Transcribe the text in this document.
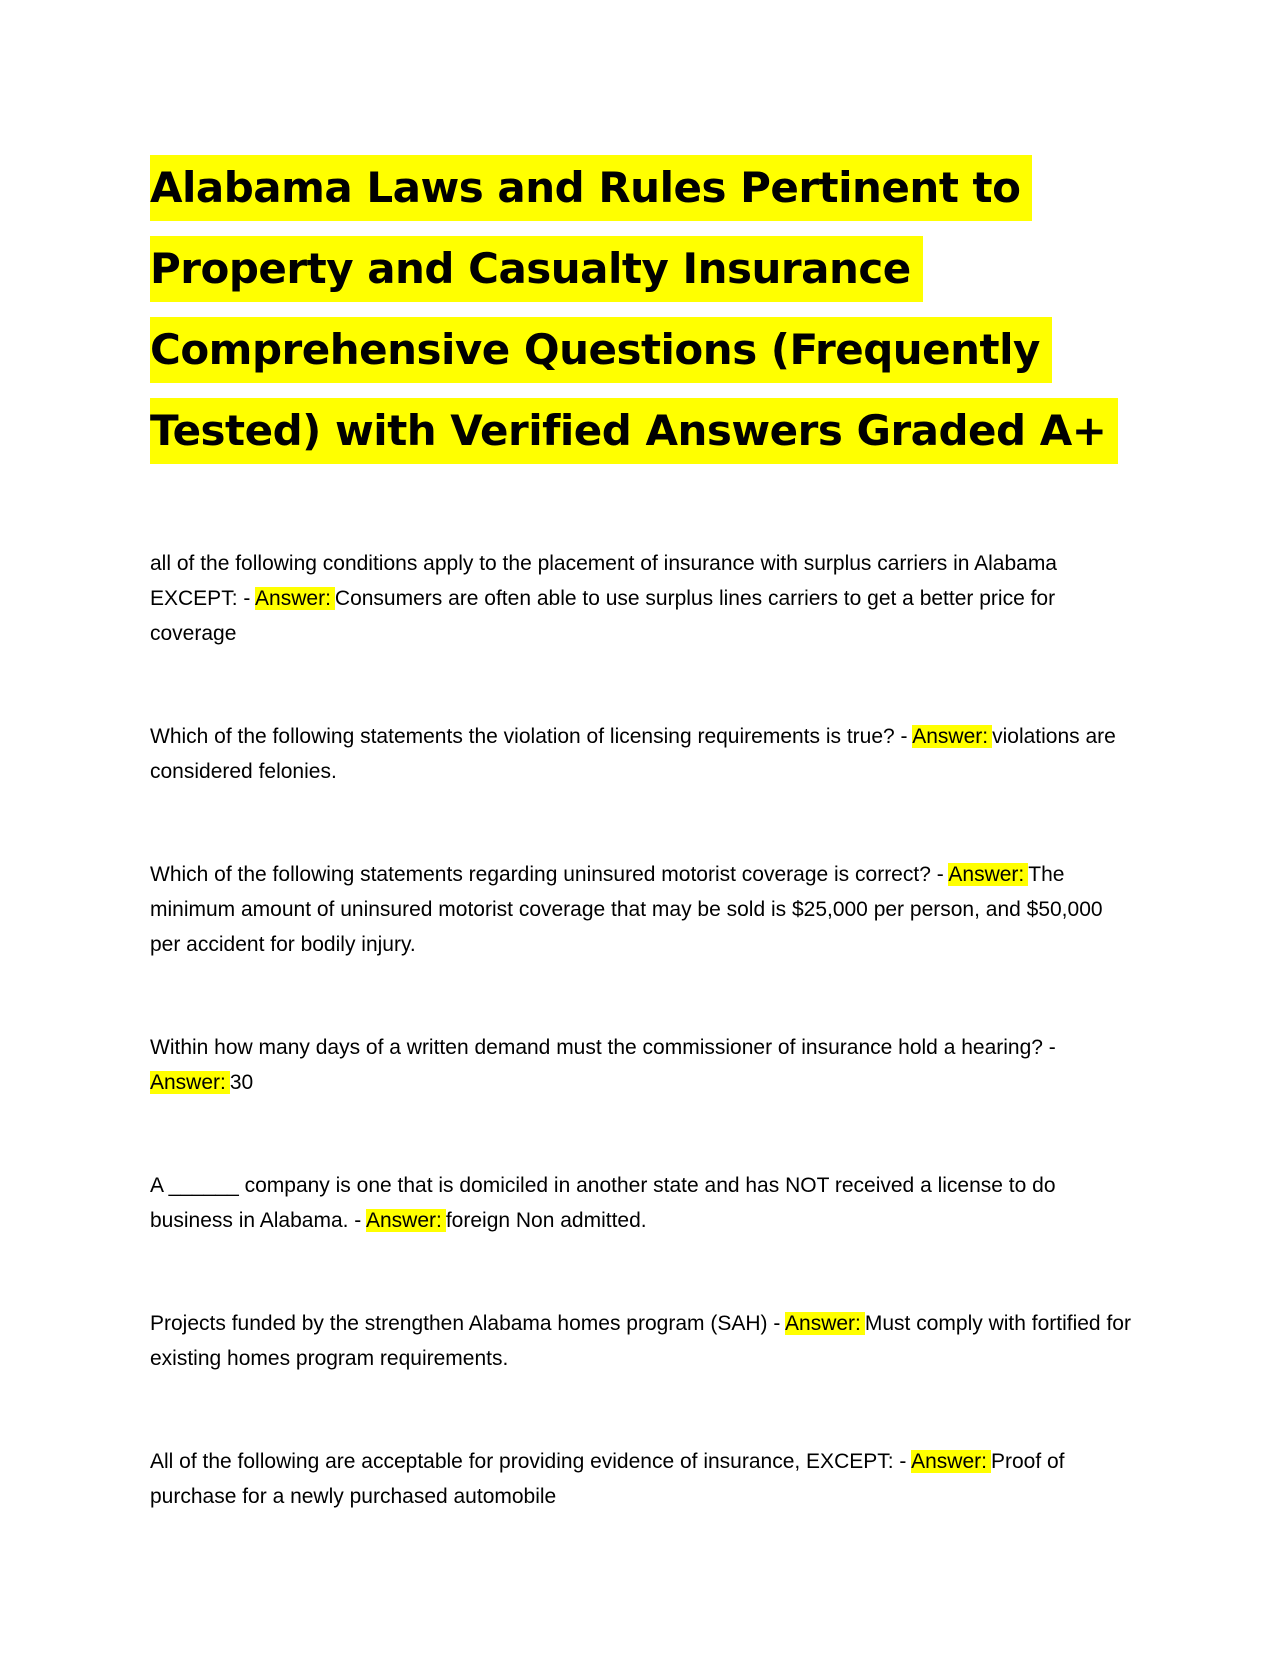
Alabama Laws and Rules Pertinent to
Property and Casualty Insurance
Comprehensive Questions (Frequently
Tested) with Verified Answers Graded A+

all of the following conditions apply to the placement of insurance with surplus carriers in Alabama EXCEPT: - Answer: Consumers are often able to use surplus lines carriers to get a better price for coverage

Which of the following statements the violation of licensing requirements is true? - Answer: violations are considered felonies.

Which of the following statements regarding uninsured motorist coverage is correct? - Answer: The minimum amount of uninsured motorist coverage that may be sold is $25,000 per person, and $50,000 per accident for bodily injury.

Within how many days of a written demand must the commissioner of insurance hold a hearing? - Answer: 30

A ______ company is one that is domiciled in another state and has NOT received a license to do business in Alabama. - Answer: foreign Non admitted.

Projects funded by the strengthen Alabama homes program (SAH) - Answer: Must comply with fortified for existing homes program requirements.

All of the following are acceptable for providing evidence of insurance, EXCEPT: - Answer: Proof of purchase for a newly purchased automobile
